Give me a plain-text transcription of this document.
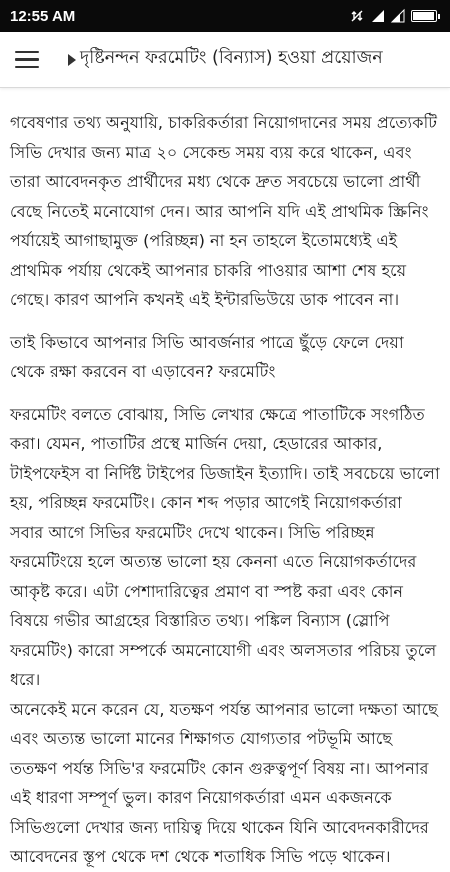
12:55 AM
দৃষ্টিনন্দন ফরমেটিং (বিন্যাস) হওয়া প্রয়োজন

গবেষণার তথ্য অনুযায়ি, চাকরিকর্তারা নিয়োগদানের সময় প্রত্যেকটি সিভি দেখার জন্য মাত্র ২০ সেকেন্ড সময় ব্যয় করে থাকেন, এবং তারা আবেদনকৃত প্রার্থীদের মধ্য থেকে দ্রুত সবচেয়ে ভালো প্রার্থী বেছে নিতেই মনোযোগ দেন। আর আপনি যদি এই প্রাথমিক স্ক্রিনিং পর্যায়েই আগাছামুক্ত (পরিচ্ছন্ন) না হন তাহলে ইতোমধ্যেই এই প্রাথমিক পর্যায় থেকেই আপনার চাকরি পাওয়ার আশা শেষ হয়ে গেছে। কারণ আপনি কখনই এই ইন্টারভিউয়ে ডাক পাবেন না।

তাই কিভাবে আপনার সিভি আবর্জনার পাত্রে ছুঁড়ে ফেলে দেয়া থেকে রক্ষা করবেন বা এড়াবেন? ফরমেটিং

ফরমেটিং বলতে বোঝায়, সিভি লেখার ক্ষেত্রে পাতাটিকে সংগঠিত করা। যেমন, পাতাটির প্রস্থে মার্জিন দেয়া, হেডারের আকার, টাইপফেইস বা নির্দিষ্ট টাইপের ডিজাইন ইত্যাদি। তাই সবচেয়ে ভালো হয়, পরিচ্ছন্ন ফরমেটিং। কোন শব্দ পড়ার আগেই নিয়োগকর্তারা সবার আগে সিভির ফরমেটিং দেখে থাকেন। সিভি পরিচ্ছন্ন ফরমেটিংয়ে হলে অত্যন্ত ভালো হয় কেননা এতে নিয়োগকর্তাদের আকৃষ্ট করে। এটা পেশাদারিত্বের প্রমাণ বা স্পষ্ট করা এবং কোন বিষয়ে গভীর আগ্রহের বিস্তারিত তথ্য। পঙ্কিল বিন্যাস (স্লোপি ফরমেটিং) কারো সম্পর্কে অমনোযোগী এবং অলসতার পরিচয় তুলে ধরে।

অনেকেই মনে করেন যে, যতক্ষণ পর্যন্ত আপনার ভালো দক্ষতা আছে এবং অত্যন্ত ভালো মানের শিক্ষাগত যোগ্যতার পটভূমি আছে ততক্ষণ পর্যন্ত সিভি'র ফরমেটিং কোন গুরুত্বপূর্ণ বিষয় না। আপনার এই ধারণা সম্পূর্ণ ভুল। কারণ নিয়োগকর্তারা এমন একজনকে সিভিগুলো দেখার জন্য দায়িত্ব দিয়ে থাকেন যিনি আবেদনকারীদের আবেদনের স্তূপ থেকে দশ থেকে শতাধিক সিভি পড়ে থাকেন।
